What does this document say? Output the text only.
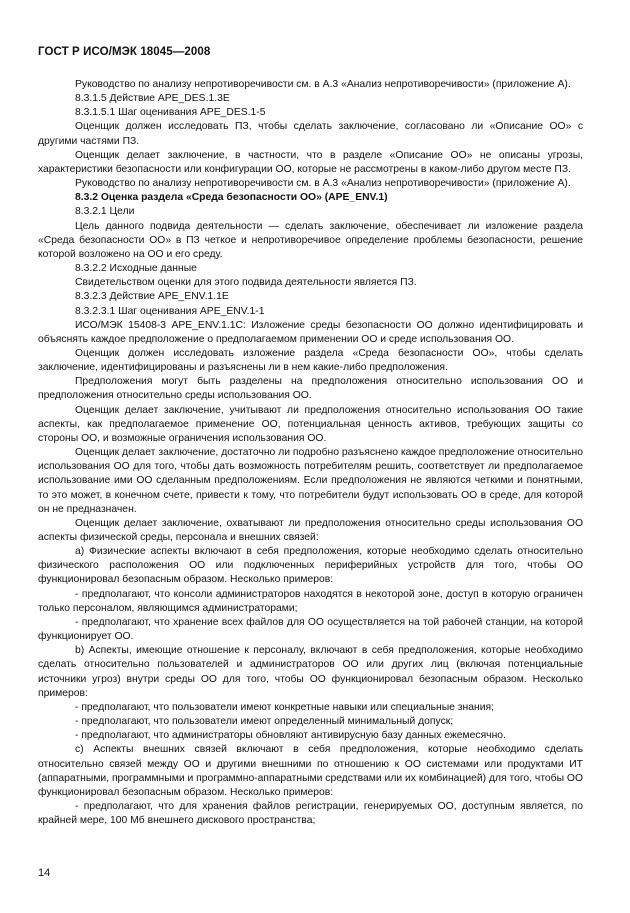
ГОСТ Р ИСО/МЭК 18045—2008

Руководство по анализу непротиворечивости см. в А.3 «Анализ непротиворечивости» (приложение А).

8.3.1.5 Действие APE_DES.1.3E

8.3.1.5.1 Шаг оценивания APE_DES.1-5

Оценщик должен исследовать ПЗ, чтобы сделать заключение, согласовано ли «Описание ОО» с другими частями ПЗ.

Оценщик делает заключение, в частности, что в разделе «Описание ОО» не описаны угрозы, характеристики безопасности или конфигурации ОО, которые не рассмотрены в каком-либо другом месте ПЗ.

Руководство по анализу непротиворечивости см. в А.3 «Анализ непротиворечивости» (приложение А).

8.3.2 Оценка раздела «Среда безопасности ОО» (APE_ENV.1)

8.3.2.1 Цели

Цель данного подвида деятельности — сделать заключение, обеспечивает ли изложение раздела «Среда безопасности ОО» в ПЗ четкое и непротиворечивое определение проблемы безопасности, решение которой возложено на ОО и его среду.

8.3.2.2 Исходные данные

Свидетельством оценки для этого подвида деятельности является ПЗ.

8.3.2.3 Действие APE_ENV.1.1E

8.3.2.3.1 Шаг оценивания APE_ENV.1-1

ИСО/МЭК 15408-3 APE_ENV.1.1C: Изложение среды безопасности ОО должно идентифицировать и объяснять каждое предположение о предполагаемом применении ОО и среде использования ОО.

Оценщик должен исследовать изложение раздела «Среда безопасности ОО», чтобы сделать заключение, идентифицированы и разъяснены ли в нем какие-либо предположения.

Предположения могут быть разделены на предположения относительно использования ОО и предположения относительно среды использования ОО.

Оценщик делает заключение, учитывают ли предположения относительно использования ОО такие аспекты, как предполагаемое применение ОО, потенциальная ценность активов, требующих защиты со стороны ОО, и возможные ограничения использования ОО.

Оценщик делает заключение, достаточно ли подробно разъяснено каждое предположение относительно использования ОО для того, чтобы дать возможность потребителям решить, соответствует ли предполагаемое использование ими ОО сделанным предположениям. Если предположения не являются четкими и понятными, то это может, в конечном счете, привести к тому, что потребители будут использовать ОО в среде, для которой он не предназначен.

Оценщик делает заключение, охватывают ли предположения относительно среды использования ОО аспекты физической среды, персонала и внешних связей:

a) Физические аспекты включают в себя предположения, которые необходимо сделать относительно физического расположения ОО или подключенных периферийных устройств для того, чтобы ОО функционировал безопасным образом. Несколько примеров:

- предполагают, что консоли администраторов находятся в некоторой зоне, доступ в которую ограничен только персоналом, являющимся администраторами;

- предполагают, что хранение всех файлов для ОО осуществляется на той рабочей станции, на которой функционирует ОО.

b) Аспекты, имеющие отношение к персоналу, включают в себя предположения, которые необходимо сделать относительно пользователей и администраторов ОО или других лиц (включая потенциальные источники угроз) внутри среды ОО для того, чтобы ОО функционировал безопасным образом. Несколько примеров:

- предполагают, что пользователи имеют конкретные навыки или специальные знания;

- предполагают, что пользователи имеют определенный минимальный допуск;

- предполагают, что администраторы обновляют антивирусную базу данных ежемесячно.

c) Аспекты внешних связей включают в себя предположения, которые необходимо сделать относительно связей между ОО и другими внешними по отношению к ОО системами или продуктами ИТ (аппаратными, программными и программно-аппаратными средствами или их комбинацией) для того, чтобы ОО функционировал безопасным образом. Несколько примеров:

- предполагают, что для хранения файлов регистрации, генерируемых ОО, доступным является, по крайней мере, 100 Мб внешнего дискового пространства;

14
